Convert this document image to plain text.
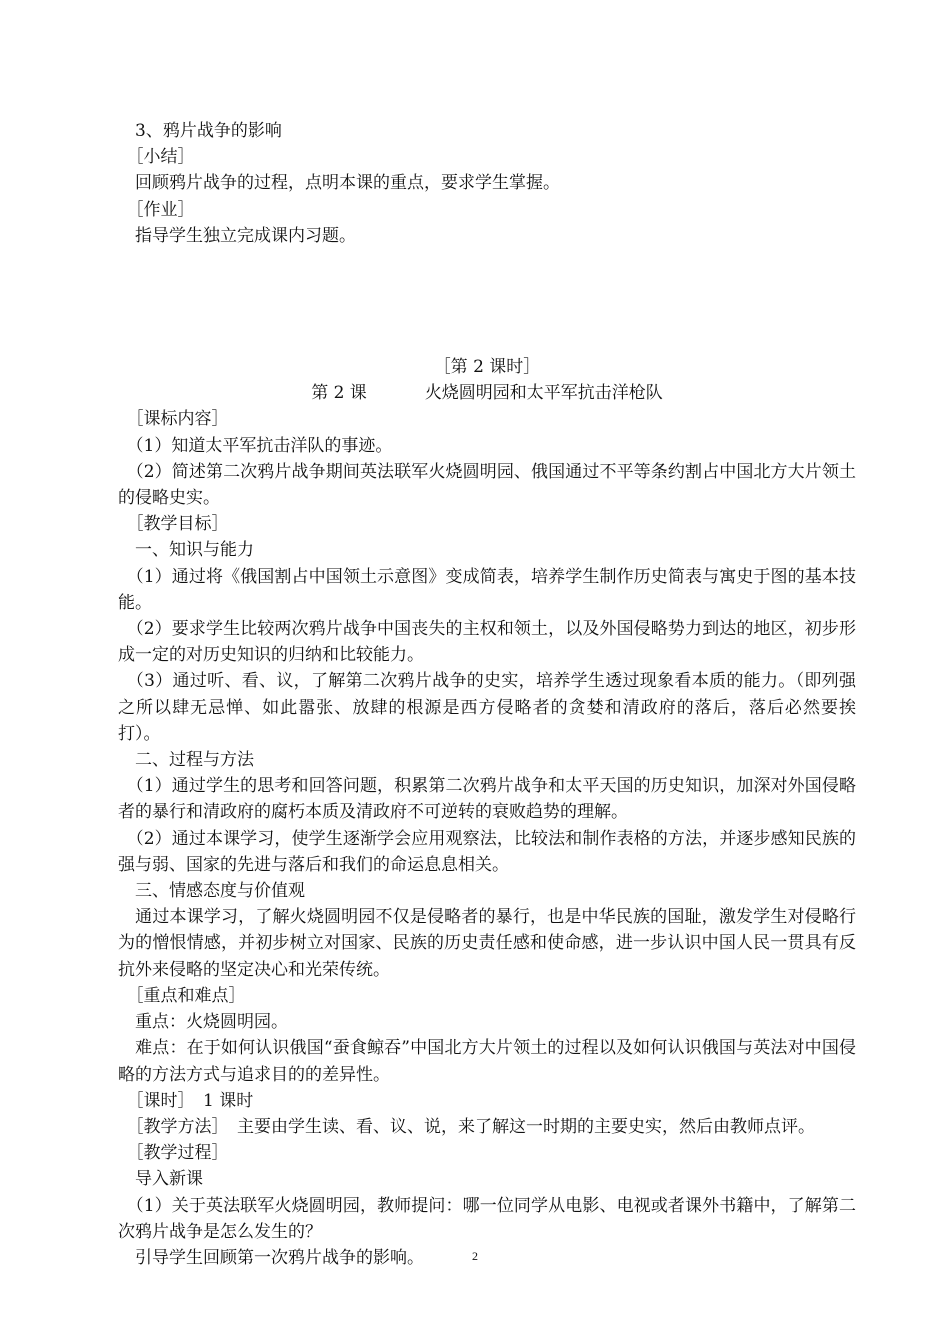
　3、鸦片战争的影响

　［小结］

　回顾鸦片战争的过程，点明本课的重点，要求学生掌握。

　［作业］

　指导学生独立完成课内习题。

［第 2 课时］

第 2 课	火烧圆明园和太平军抗击洋枪队

　［课标内容］

　（1）知道太平军抗击洋队的事迹。

　（2）简述第二次鸦片战争期间英法联军火烧圆明园、俄国通过不平等条约割占中国北方大片领土的侵略史实。

　［教学目标］

　一、知识与能力

　（1）通过将《俄国割占中国领土示意图》变成简表，培养学生制作历史简表与寓史于图的基本技能。

　（2）要求学生比较两次鸦片战争中国丧失的主权和领土，以及外国侵略势力到达的地区，初步形成一定的对历史知识的归纳和比较能力。

　（3）通过听、看、议，了解第二次鸦片战争的史实，培养学生透过现象看本质的能力。（即列强之所以肆无忌惮、如此嚣张、放肆的根源是西方侵略者的贪婪和清政府的落后，落后必然要挨打）。

　二、过程与方法

　（1）通过学生的思考和回答问题，积累第二次鸦片战争和太平天国的历史知识，加深对外国侵略者的暴行和清政府的腐朽本质及清政府不可逆转的衰败趋势的理解。

　（2）通过本课学习，使学生逐渐学会应用观察法，比较法和制作表格的方法，并逐步感知民族的强与弱、国家的先进与落后和我们的命运息息相关。

　三、情感态度与价值观

　通过本课学习，了解火烧圆明园不仅是侵略者的暴行，也是中华民族的国耻，激发学生对侵略行为的憎恨情感，并初步树立对国家、民族的历史责任感和使命感，进一步认识中国人民一贯具有反抗外来侵略的坚定决心和光荣传统。

　［重点和难点］

　重点：火烧圆明园。

　难点：在于如何认识俄国“蚕食鲸吞”中国北方大片领土的过程以及如何认识俄国与英法对中国侵略的方法方式与追求目的的差异性。

　［课时］　1 课时

　［教学方法］　主要由学生读、看、议、说，来了解这一时期的主要史实，然后由教师点评。

　［教学过程］

　导入新课

　（1）关于英法联军火烧圆明园，教师提问：哪一位同学从电影、电视或者课外书籍中，了解第二次鸦片战争是怎么发生的？

　引导学生回顾第一次鸦片战争的影响。	2
